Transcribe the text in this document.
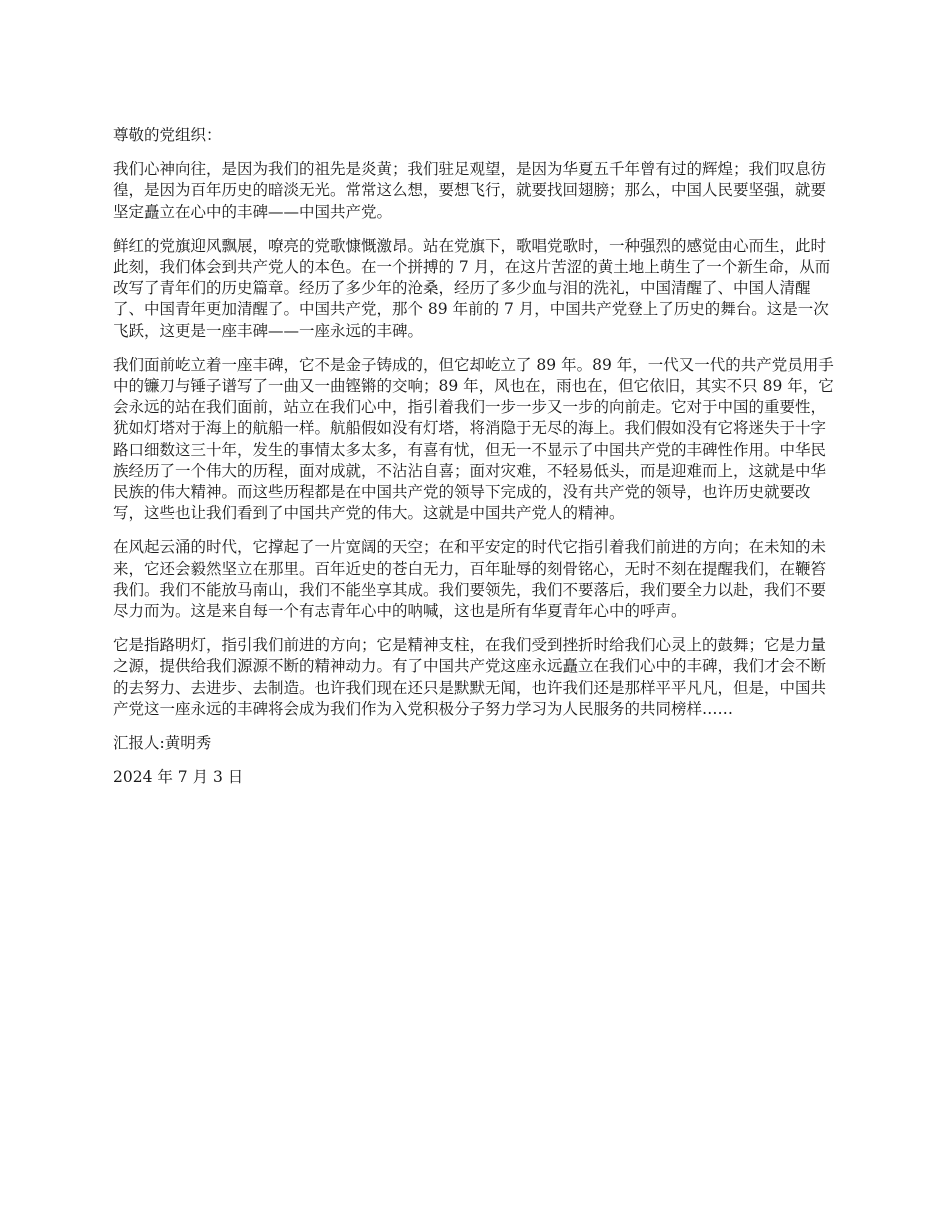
尊敬的党组织：

我们心神向往，是因为我们的祖先是炎黄；我们驻足观望，是因为华夏五千年曾有过的辉煌；我们叹息彷徨，是因为百年历史的暗淡无光。常常这么想，要想飞行，就要找回翅膀；那么，中国人民要坚强，就要坚定矗立在心中的丰碑——中国共产党。

鲜红的党旗迎风飘展，嘹亮的党歌慷慨激昂。站在党旗下，歌唱党歌时，一种强烈的感觉由心而生，此时此刻，我们体会到共产党人的本色。在一个拼搏的 7 月，在这片苦涩的黄土地上萌生了一个新生命，从而改写了青年们的历史篇章。经历了多少年的沧桑，经历了多少血与泪的洗礼，中国清醒了、中国人清醒了、中国青年更加清醒了。中国共产党，那个 89 年前的 7 月，中国共产党登上了历史的舞台。这是一次飞跃，这更是一座丰碑——一座永远的丰碑。

我们面前屹立着一座丰碑，它不是金子铸成的，但它却屹立了 89 年。89 年，一代又一代的共产党员用手中的镰刀与锤子谱写了一曲又一曲铿锵的交响；89 年，风也在，雨也在，但它依旧，其实不只 89 年，它会永远的站在我们面前，站立在我们心中，指引着我们一步一步又一步的向前走。它对于中国的重要性，犹如灯塔对于海上的航船一样。航船假如没有灯塔，将消隐于无尽的海上。我们假如没有它将迷失于十字路口细数这三十年，发生的事情太多太多，有喜有忧，但无一不显示了中国共产党的丰碑性作用。中华民族经历了一个伟大的历程，面对成就，不沾沾自喜；面对灾难，不轻易低头，而是迎难而上，这就是中华民族的伟大精神。而这些历程都是在中国共产党的领导下完成的，没有共产党的领导，也许历史就要改写，这些也让我们看到了中国共产党的伟大。这就是中国共产党人的精神。

在风起云涌的时代，它撑起了一片宽阔的天空；在和平安定的时代它指引着我们前进的方向；在未知的未来，它还会毅然坚立在那里。百年近史的苍白无力，百年耻辱的刻骨铭心，无时不刻在提醒我们，在鞭笞我们。我们不能放马南山，我们不能坐享其成。我们要领先，我们不要落后，我们要全力以赴，我们不要尽力而为。这是来自每一个有志青年心中的呐喊，这也是所有华夏青年心中的呼声。

它是指路明灯，指引我们前进的方向；它是精神支柱，在我们受到挫折时给我们心灵上的鼓舞；它是力量之源，提供给我们源源不断的精神动力。有了中国共产党这座永远矗立在我们心中的丰碑，我们才会不断的去努力、去进步、去制造。也许我们现在还只是默默无闻，也许我们还是那样平平凡凡，但是，中国共产党这一座永远的丰碑将会成为我们作为入党积极分子努力学习为人民服务的共同榜样……

汇报人:黄明秀

2024 年 7 月 3 日
